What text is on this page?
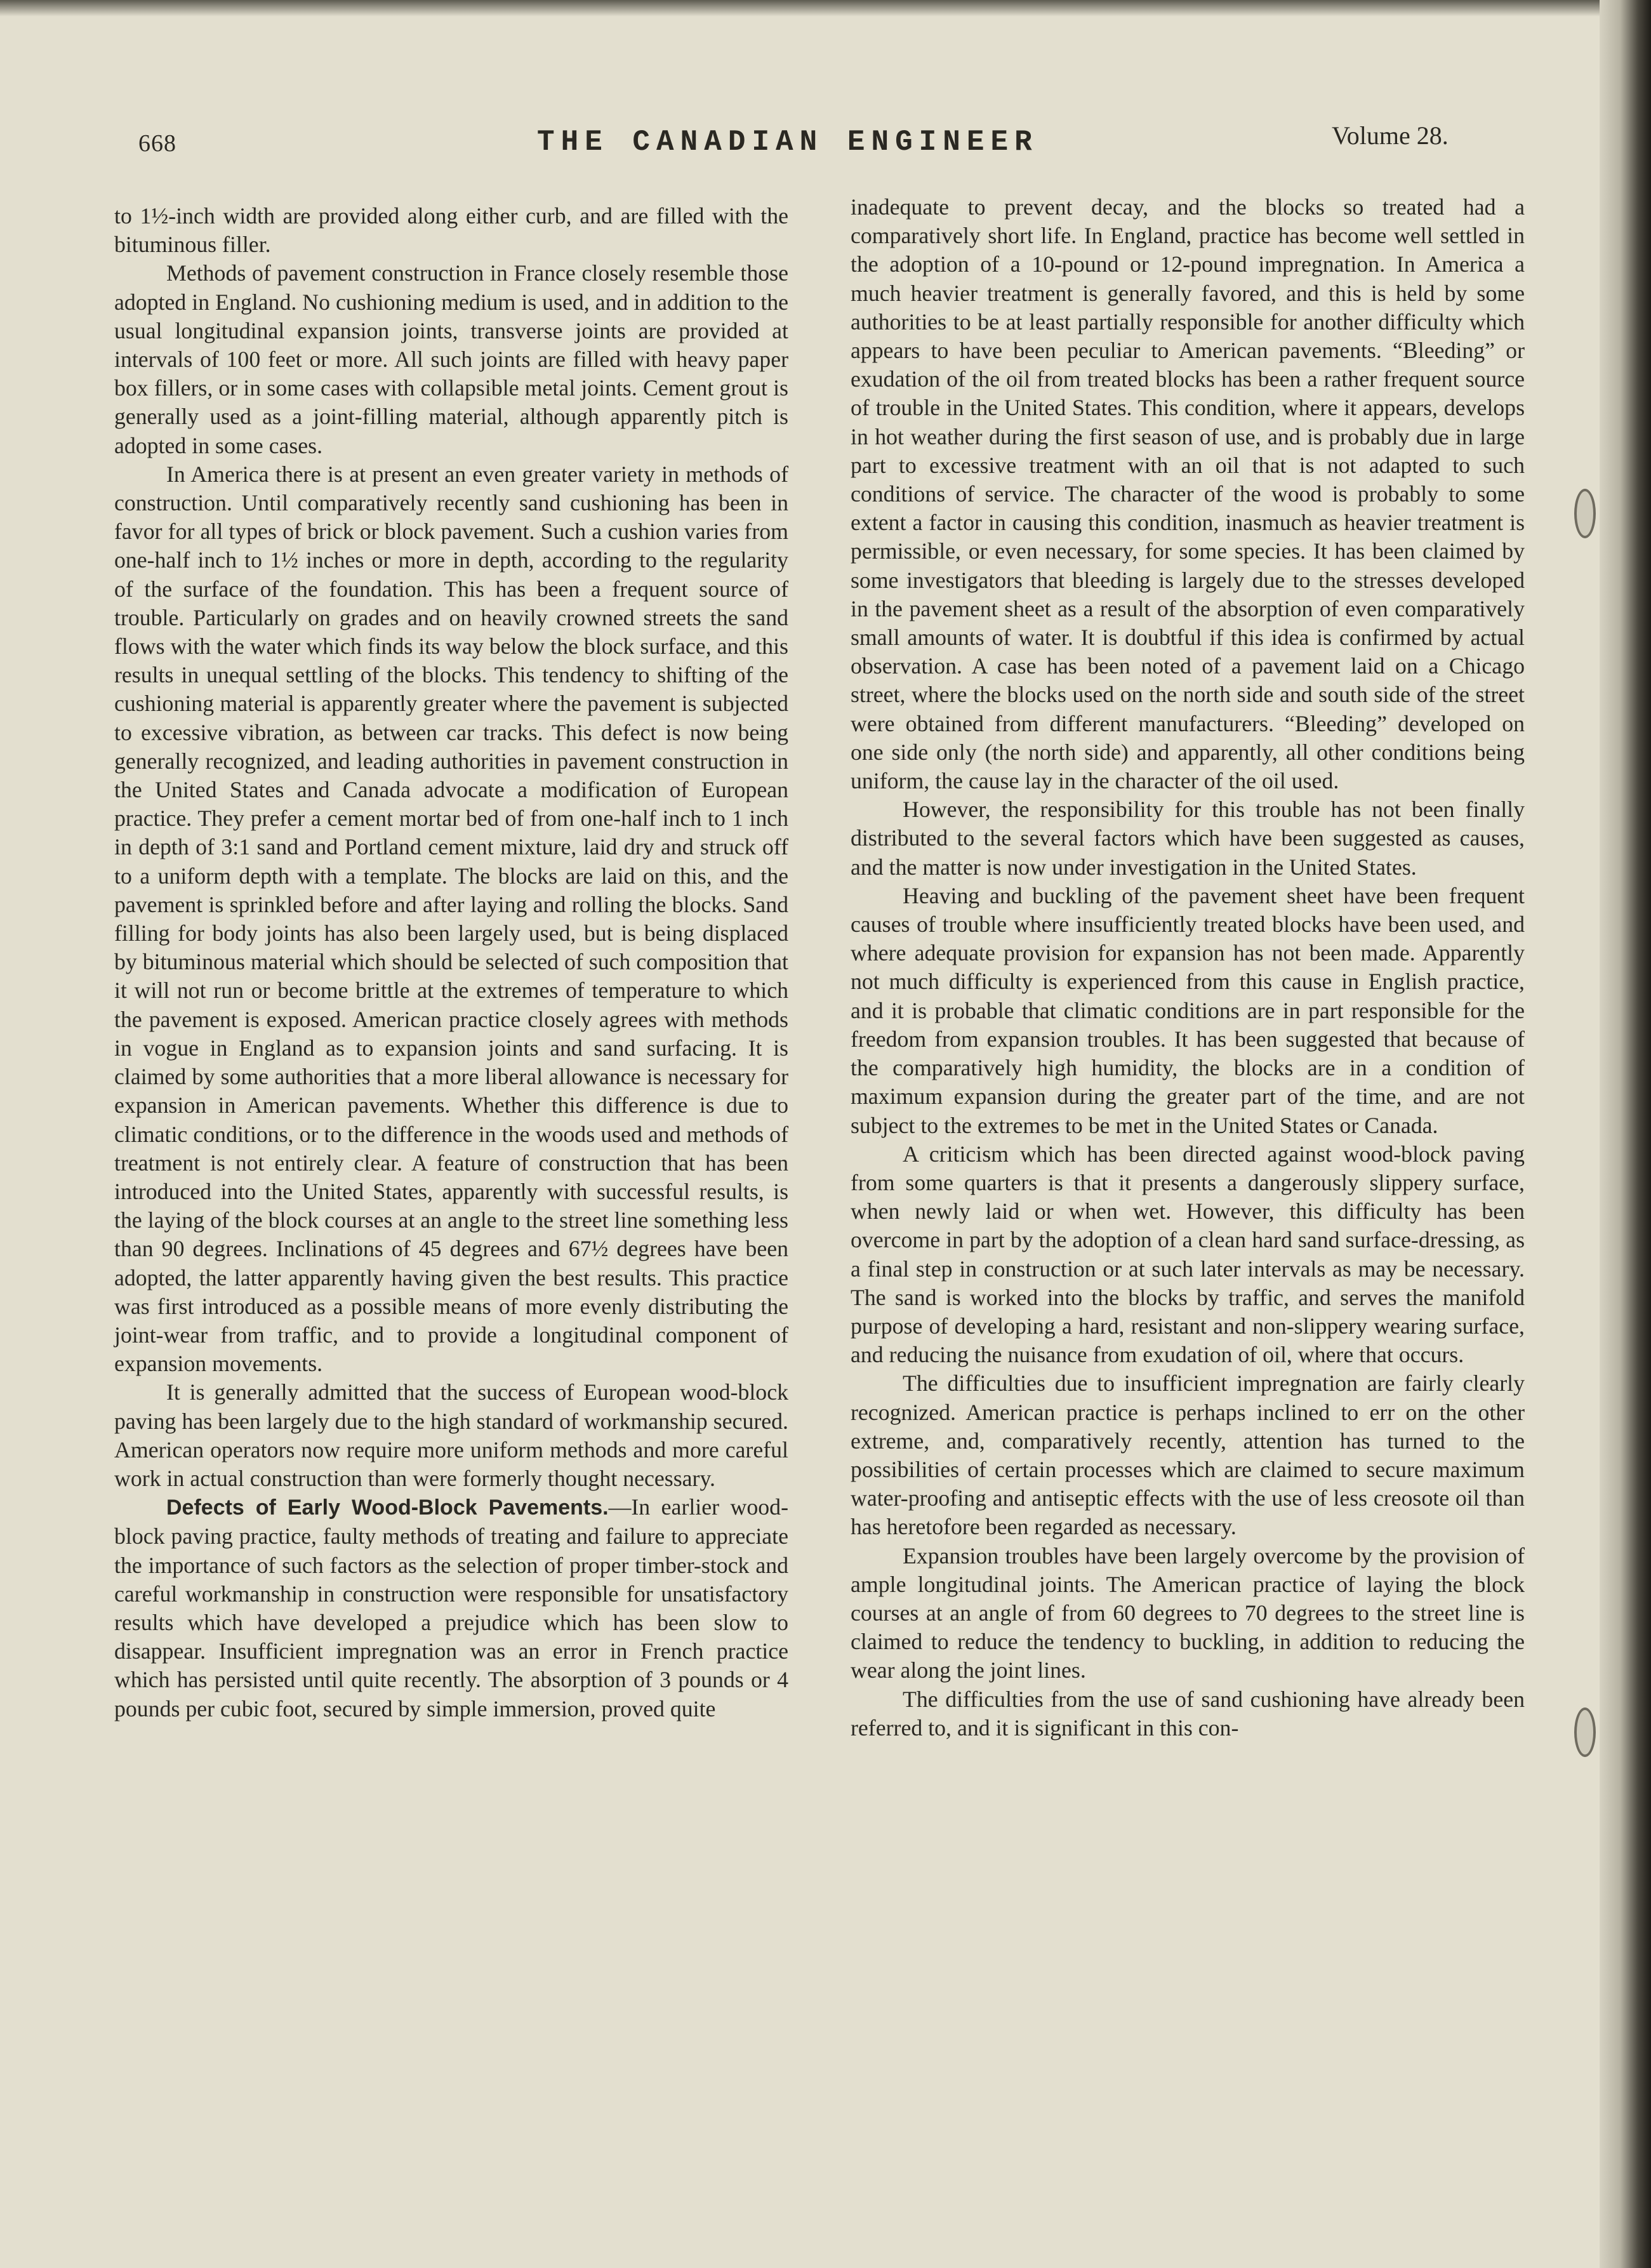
668	THE CANADIAN ENGINEER	Volume 28.

to 1½-inch width are provided along either curb, and are filled with the bituminous filler.

Methods of pavement construction in France closely resemble those adopted in England. No cushioning medium is used, and in addition to the usual longitudinal expansion joints, transverse joints are provided at intervals of 100 feet or more. All such joints are filled with heavy paper box fillers, or in some cases with collapsible metal joints. Cement grout is generally used as a joint-filling material, although apparently pitch is adopted in some cases.

In America there is at present an even greater variety in methods of construction. Until comparatively recently sand cushioning has been in favor for all types of brick or block pavement. Such a cushion varies from one-half inch to 1½ inches or more in depth, according to the regularity of the surface of the foundation. This has been a frequent source of trouble. Particularly on grades and on heavily crowned streets the sand flows with the water which finds its way below the block surface, and this results in unequal settling of the blocks. This tendency to shifting of the cushioning material is apparently greater where the pavement is subjected to excessive vibration, as between car tracks. This defect is now being generally recognized, and leading authorities in pavement construction in the United States and Canada advocate a modification of European practice. They prefer a cement mortar bed of from one-half inch to 1 inch in depth of 3:1 sand and Portland cement mixture, laid dry and struck off to a uniform depth with a template. The blocks are laid on this, and the pavement is sprinkled before and after laying and rolling the blocks. Sand filling for body joints has also been largely used, but is being displaced by bituminous material which should be selected of such composition that it will not run or become brittle at the extremes of temperature to which the pavement is exposed. American practice closely agrees with methods in vogue in England as to expansion joints and sand surfacing. It is claimed by some authorities that a more liberal allowance is necessary for expansion in American pavements. Whether this difference is due to climatic conditions, or to the difference in the woods used and methods of treatment is not entirely clear. A feature of construction that has been introduced into the United States, apparently with successful results, is the laying of the block courses at an angle to the street line something less than 90 degrees. Inclinations of 45 degrees and 67½ degrees have been adopted, the latter apparently having given the best results. This practice was first introduced as a possible means of more evenly distributing the joint-wear from traffic, and to provide a longitudinal component of expansion movements.

It is generally admitted that the success of European wood-block paving has been largely due to the high standard of workmanship secured. American operators now require more uniform methods and more careful work in actual construction than were formerly thought necessary.

Defects of Early Wood-Block Pavements.—In earlier wood-block paving practice, faulty methods of treating and failure to appreciate the importance of such factors as the selection of proper timber-stock and careful workmanship in construction were responsible for unsatisfactory results which have developed a prejudice which has been slow to disappear. Insufficient impregnation was an error in French practice which has persisted until quite recently. The absorption of 3 pounds or 4 pounds per cubic foot, secured by simple immersion, proved quite

inadequate to prevent decay, and the blocks so treated had a comparatively short life. In England, practice has become well settled in the adoption of a 10-pound or 12-pound impregnation. In America a much heavier treatment is generally favored, and this is held by some authorities to be at least partially responsible for another difficulty which appears to have been peculiar to American pavements. “Bleeding” or exudation of the oil from treated blocks has been a rather frequent source of trouble in the United States. This condition, where it appears, develops in hot weather during the first season of use, and is probably due in large part to excessive treatment with an oil that is not adapted to such conditions of service. The character of the wood is probably to some extent a factor in causing this condition, inasmuch as heavier treatment is permissible, or even necessary, for some species. It has been claimed by some investigators that bleeding is largely due to the stresses developed in the pavement sheet as a result of the absorption of even comparatively small amounts of water. It is doubtful if this idea is confirmed by actual observation. A case has been noted of a pavement laid on a Chicago street, where the blocks used on the north side and south side of the street were obtained from different manufacturers. “Bleeding” developed on one side only (the north side) and apparently, all other conditions being uniform, the cause lay in the character of the oil used.

However, the responsibility for this trouble has not been finally distributed to the several factors which have been suggested as causes, and the matter is now under investigation in the United States.

Heaving and buckling of the pavement sheet have been frequent causes of trouble where insufficiently treated blocks have been used, and where adequate provision for expansion has not been made. Apparently not much difficulty is experienced from this cause in English practice, and it is probable that climatic conditions are in part responsible for the freedom from expansion troubles. It has been suggested that because of the comparatively high humidity, the blocks are in a condition of maximum expansion during the greater part of the time, and are not subject to the extremes to be met in the United States or Canada.

A criticism which has been directed against wood-block paving from some quarters is that it presents a dangerously slippery surface, when newly laid or when wet. However, this difficulty has been overcome in part by the adoption of a clean hard sand surface-dressing, as a final step in construction or at such later intervals as may be necessary. The sand is worked into the blocks by traffic, and serves the manifold purpose of developing a hard, resistant and non-slippery wearing surface, and reducing the nuisance from exudation of oil, where that occurs.

The difficulties due to insufficient impregnation are fairly clearly recognized. American practice is perhaps inclined to err on the other extreme, and, comparatively recently, attention has turned to the possibilities of certain processes which are claimed to secure maximum water-proofing and antiseptic effects with the use of less creosote oil than has heretofore been regarded as necessary.

Expansion troubles have been largely overcome by the provision of ample longitudinal joints. The American practice of laying the block courses at an angle of from 60 degrees to 70 degrees to the street line is claimed to reduce the tendency to buckling, in addition to reducing the wear along the joint lines.

The difficulties from the use of sand cushioning have already been referred to, and it is significant in this con-
